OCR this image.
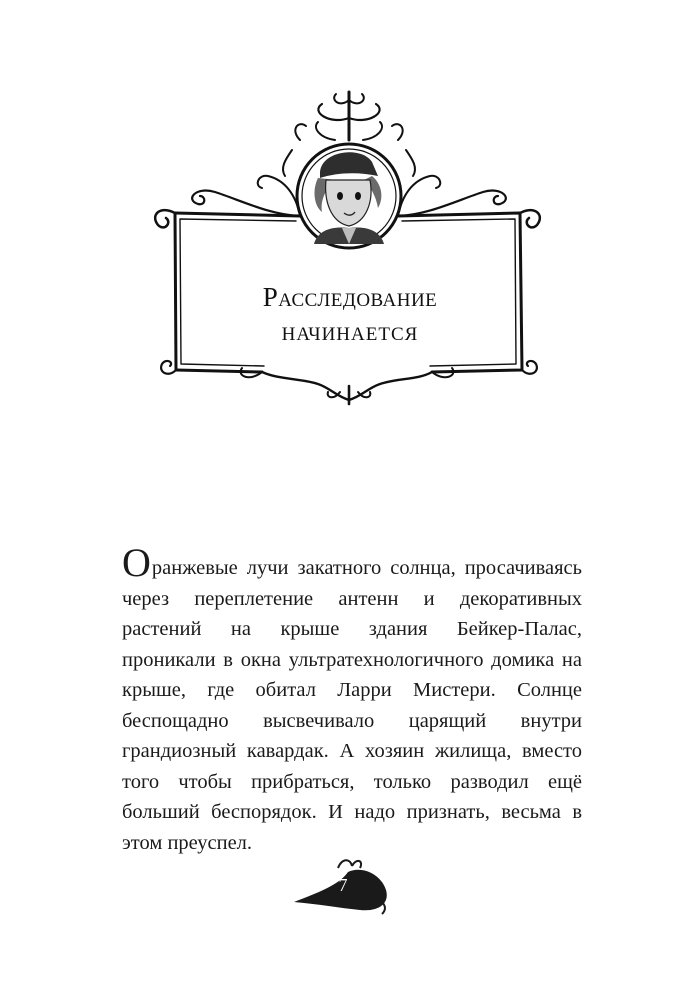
Расследование
начинается

Оранжевые лучи закатного солнца, просачиваясь через переплетение антенн и декоративных растений на крыше здания Бейкер-Палас, проникали в окна ультратехнологичного домика на крыше, где обитал Ларри Мистери. Солнце беспощадно высвечивало царящий внутри грандиозный кавардак. А хозяин жилища, вместо того чтобы прибраться, только разводил ещё больший беспорядок. И надо признать, весьма в этом преуспел.

7
